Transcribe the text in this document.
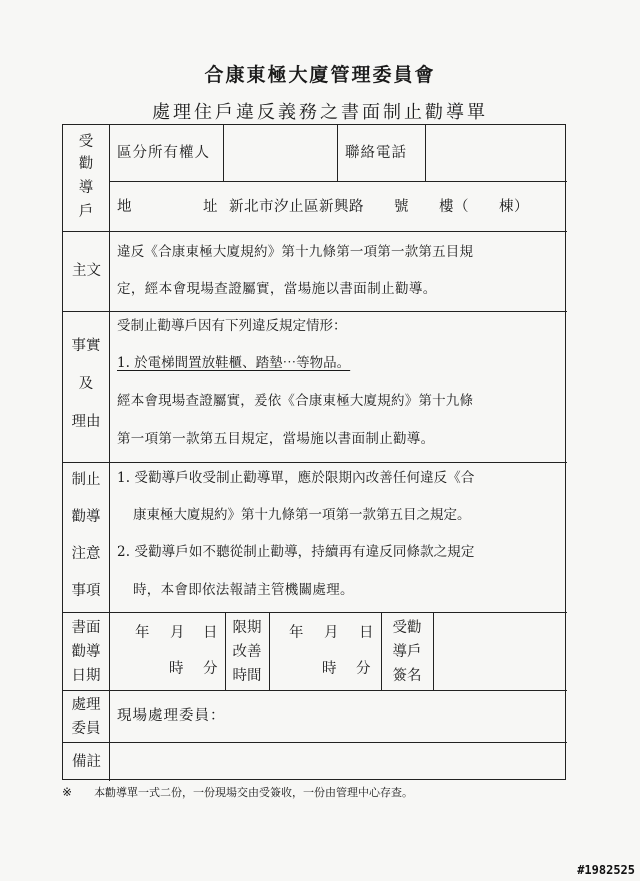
合康東極大廈管理委員會
處理住戶違反義務之書面制止勸導單
受
勸
導
戶
區分所有權人	聯絡電話
地	址 新北市汐止區新興路　　號　　樓（　　棟）
主文
違反《合康東極大廈規約》第十九條第一項第一款第五目規
定，經本會現場查證屬實，當場施以書面制止勸導。
事實
及
理由
受制止勸導戶因有下列違反規定情形：
1. 於電梯間置放鞋櫃、踏墊⋯等物品。
經本會現場查證屬實，爰依《合康東極大廈規約》第十九條
第一項第一款第五目規定，當場施以書面制止勸導。
制止
勸導
注意
事項
1. 受勸導戶收受制止勸導單，應於限期內改善任何違反《合
康東極大廈規約》第十九條第一項第一款第五目之規定。
2. 受勸導戶如不聽從制止勸導，持續再有違反同條款之規定
時，本會即依法報請主管機關處理。
書面
勸導
日期
年 月 日
時 分
限期
改善
時間
年 月 日
時 分
受勸
導戶
簽名
處理
委員
現場處理委員：
備註
※ 本勸導單一式二份，一份現場交由受簽收，一份由管理中心存查。
#1982525
